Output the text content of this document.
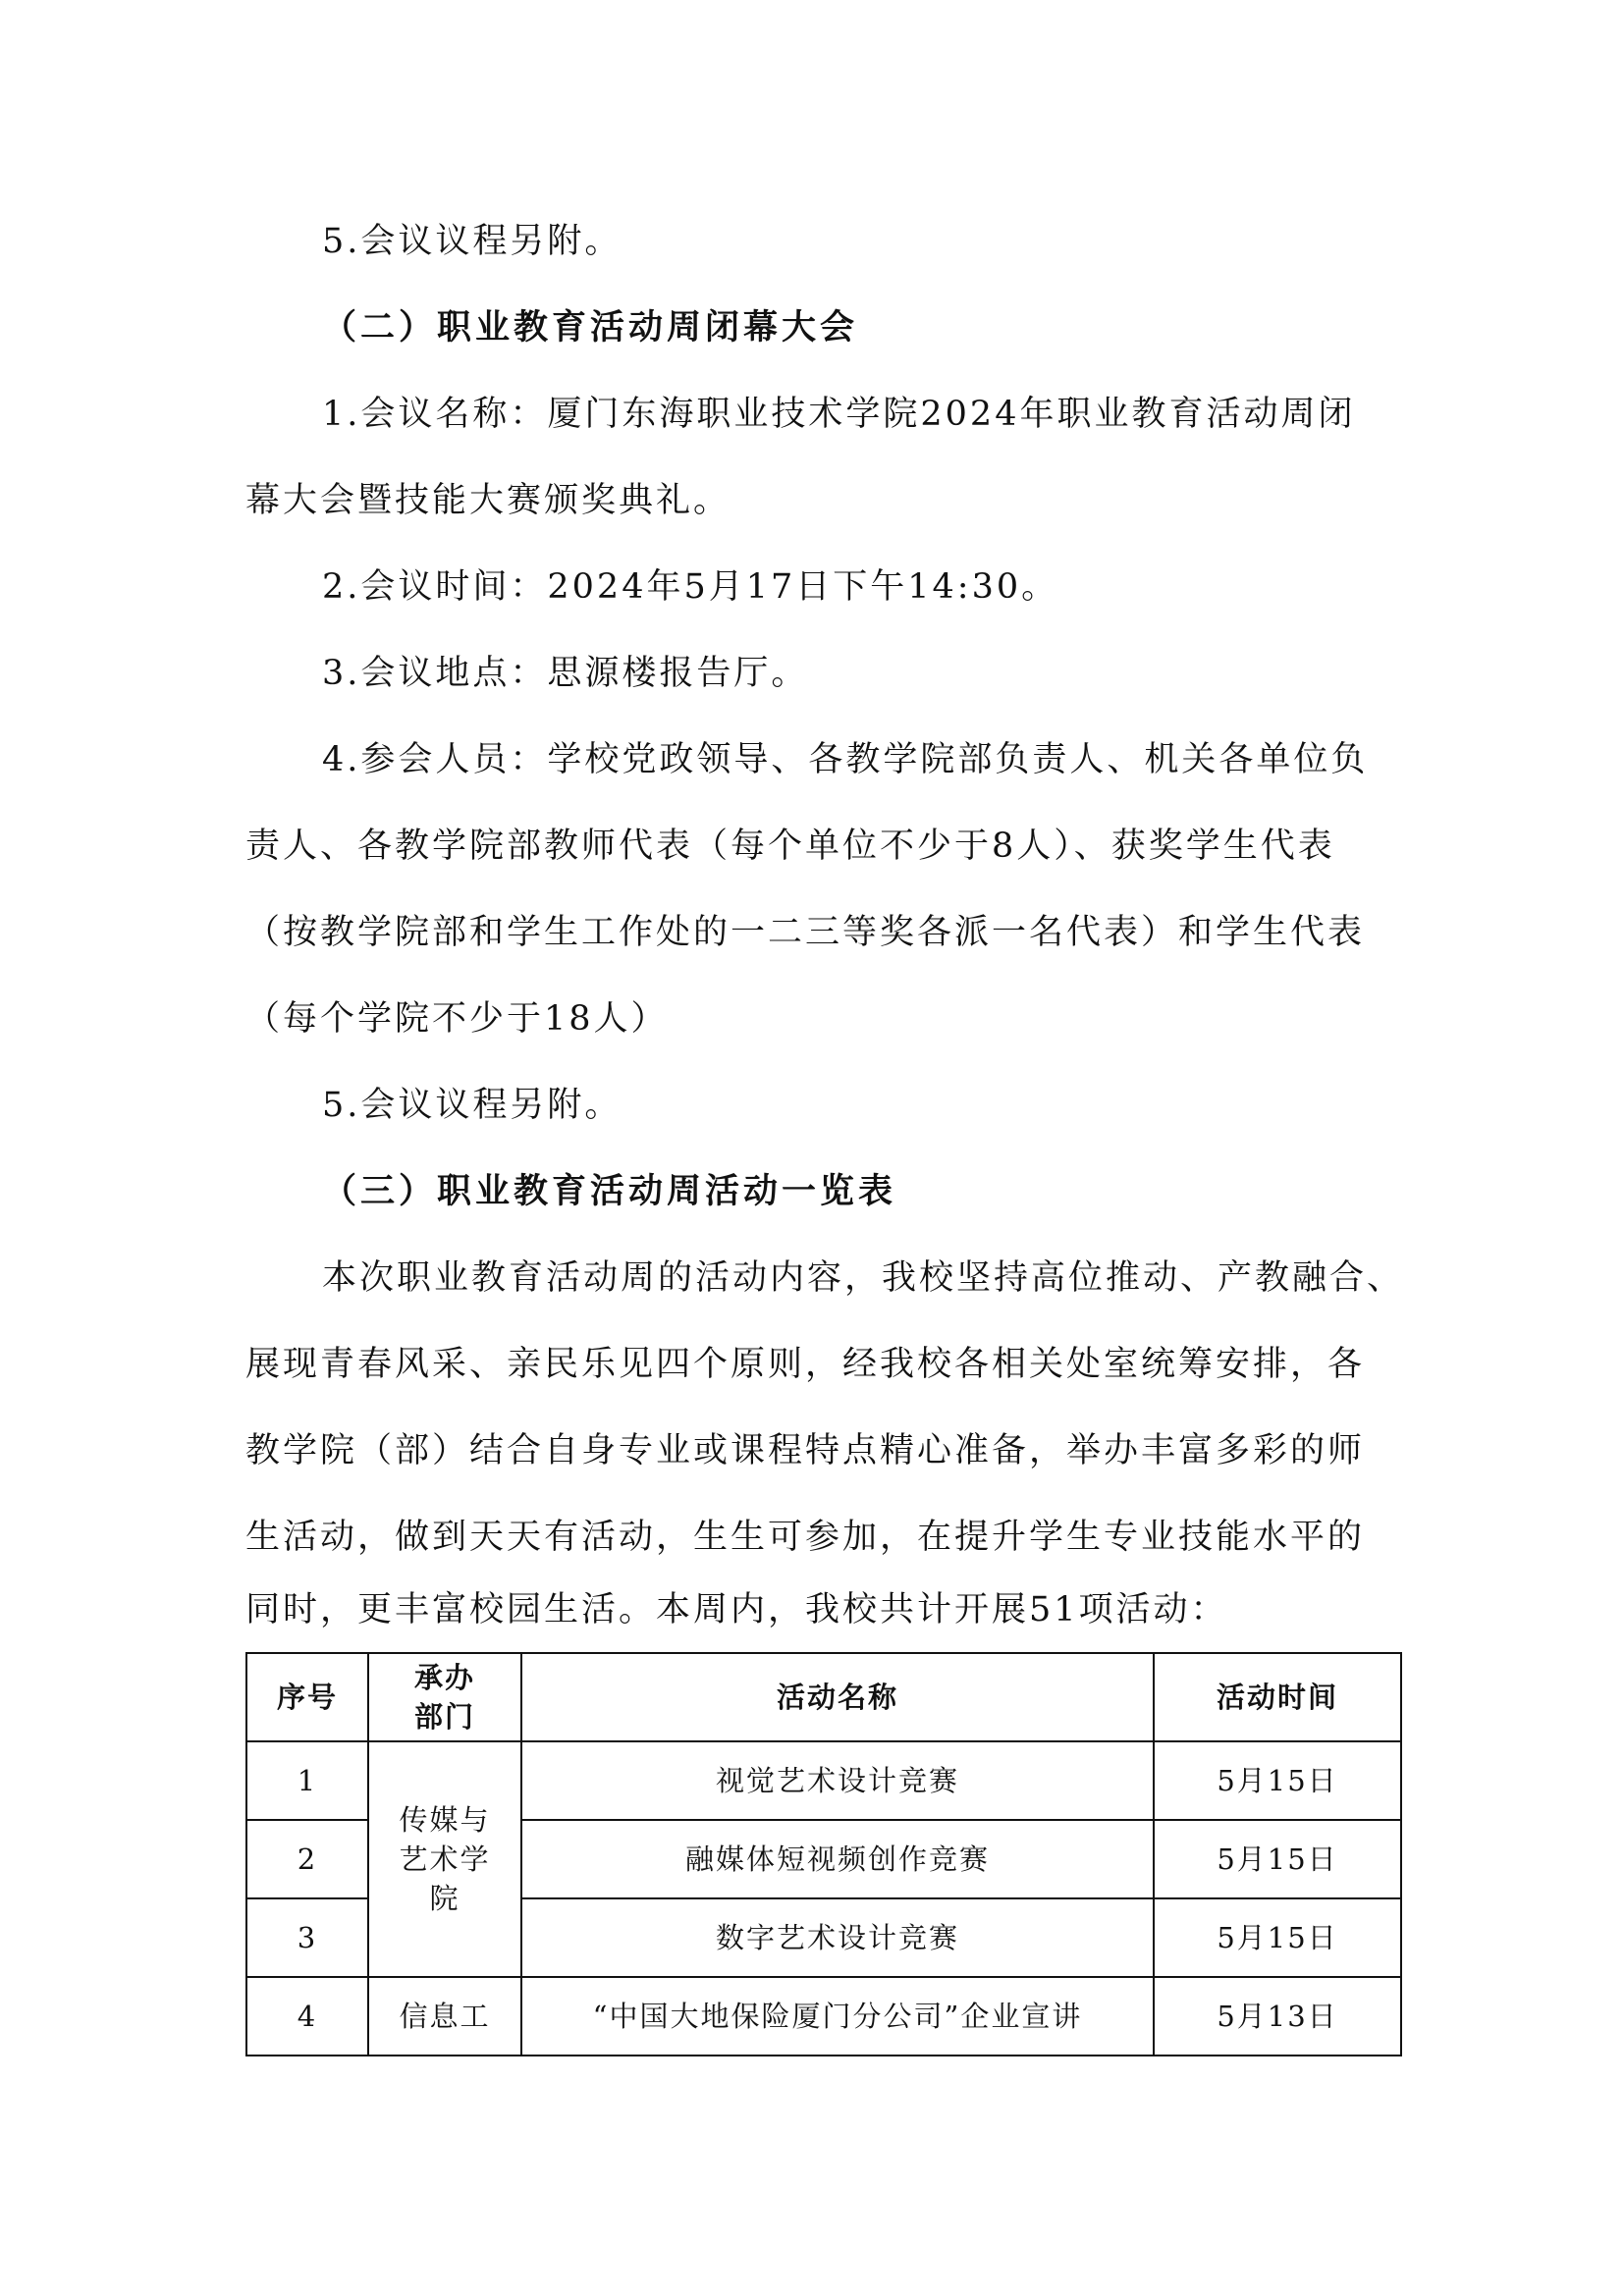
5.会议议程另附。
（二）职业教育活动周闭幕大会
1.会议名称：厦门东海职业技术学院2024年职业教育活动周闭
幕大会暨技能大赛颁奖典礼。
2.会议时间：2024年5月17日下午14:30。
3.会议地点：思源楼报告厅。
4.参会人员：学校党政领导、各教学院部负责人、机关各单位负
责人、各教学院部教师代表（每个单位不少于8人）、获奖学生代表
（按教学院部和学生工作处的一二三等奖各派一名代表）和学生代表
（每个学院不少于18人）
5.会议议程另附。
（三）职业教育活动周活动一览表
本次职业教育活动周的活动内容，我校坚持高位推动、产教融合、
展现青春风采、亲民乐见四个原则，经我校各相关处室统筹安排，各
教学院（部）结合自身专业或课程特点精心准备，举办丰富多彩的师
生活动，做到天天有活动，生生可参加，在提升学生专业技能水平的
同时，更丰富校园生活。本周内，我校共计开展51项活动：
序号	承办部门	活动名称	活动时间
1	传媒与艺术学院	视觉艺术设计竞赛	5月15日
2		融媒体短视频创作竞赛	5月15日
3		数字艺术设计竞赛	5月15日
4	信息工	“中国大地保险厦门分公司”企业宣讲	5月13日
